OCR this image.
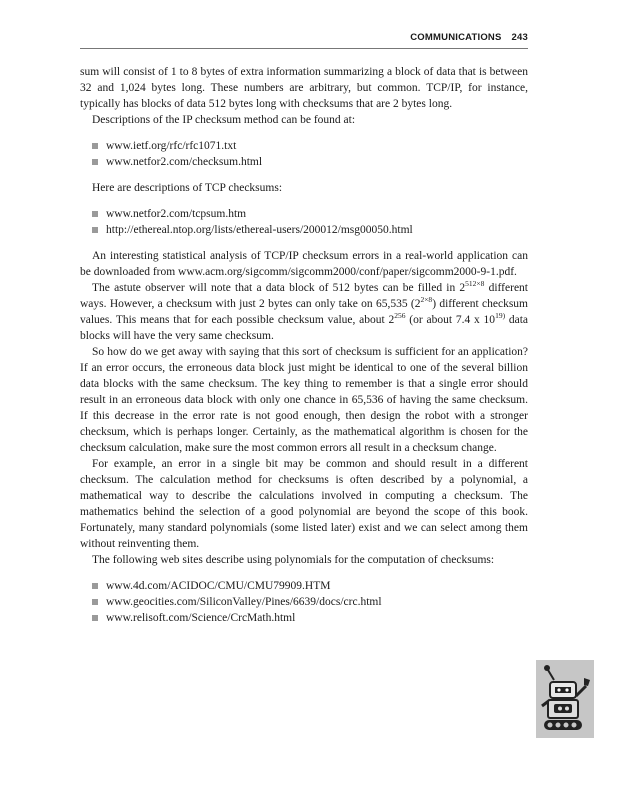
COMMUNICATIONS 243

sum will consist of 1 to 8 bytes of extra information summarizing a block of data that is between 32 and 1,024 bytes long. These numbers are arbitrary, but common. TCP/IP, for instance, typically has blocks of data 512 bytes long with checksums that are 2 bytes long.

Descriptions of the IP checksum method can be found at:

www.ietf.org/rfc/rfc1071.txt
www.netfor2.com/checksum.html

Here are descriptions of TCP checksums:

www.netfor2.com/tcpsum.htm
http://ethereal.ntop.org/lists/ethereal-users/200012/msg00050.html

An interesting statistical analysis of TCP/IP checksum errors in a real-world application can be downloaded from www.acm.org/sigcomm/sigcomm2000/conf/paper/sigcomm2000-9-1.pdf.

The astute observer will note that a data block of 512 bytes can be filled in $2^{512\times 8}$ different ways. However, a checksum with just 2 bytes can only take on 65,535 $(2^{2\times 8})$ different checksum values. This means that for each possible checksum value, about $2^{256}$ (or about 7.4 x 10$^{19)}$ data blocks will have the very same checksum.

So how do we get away with saying that this sort of checksum is sufficient for an application? If an error occurs, the erroneous data block just might be identical to one of the several billion data blocks with the same checksum. The key thing to remember is that a single error should result in an erroneous data block with only one chance in 65,536 of having the same checksum. If this decrease in the error rate is not good enough, then design the robot with a stronger checksum, which is perhaps longer. Certainly, as the mathematical algorithm is chosen for the checksum calculation, make sure the most common errors all result in a checksum change.

For example, an error in a single bit may be common and should result in a different checksum. The calculation method for checksums is often described by a polynomial, a mathematical way to describe the calculations involved in computing a checksum. The mathematics behind the selection of a good polynomial are beyond the scope of this book. Fortunately, many standard polynomials (some listed later) exist and we can select among them without reinventing them.

The following web sites describe using polynomials for the computation of checksums:

www.4d.com/ACIDOC/CMU/CMU79909.HTM
www.geocities.com/SiliconValley/Pines/6639/docs/crc.html
www.relisoft.com/Science/CrcMath.html
